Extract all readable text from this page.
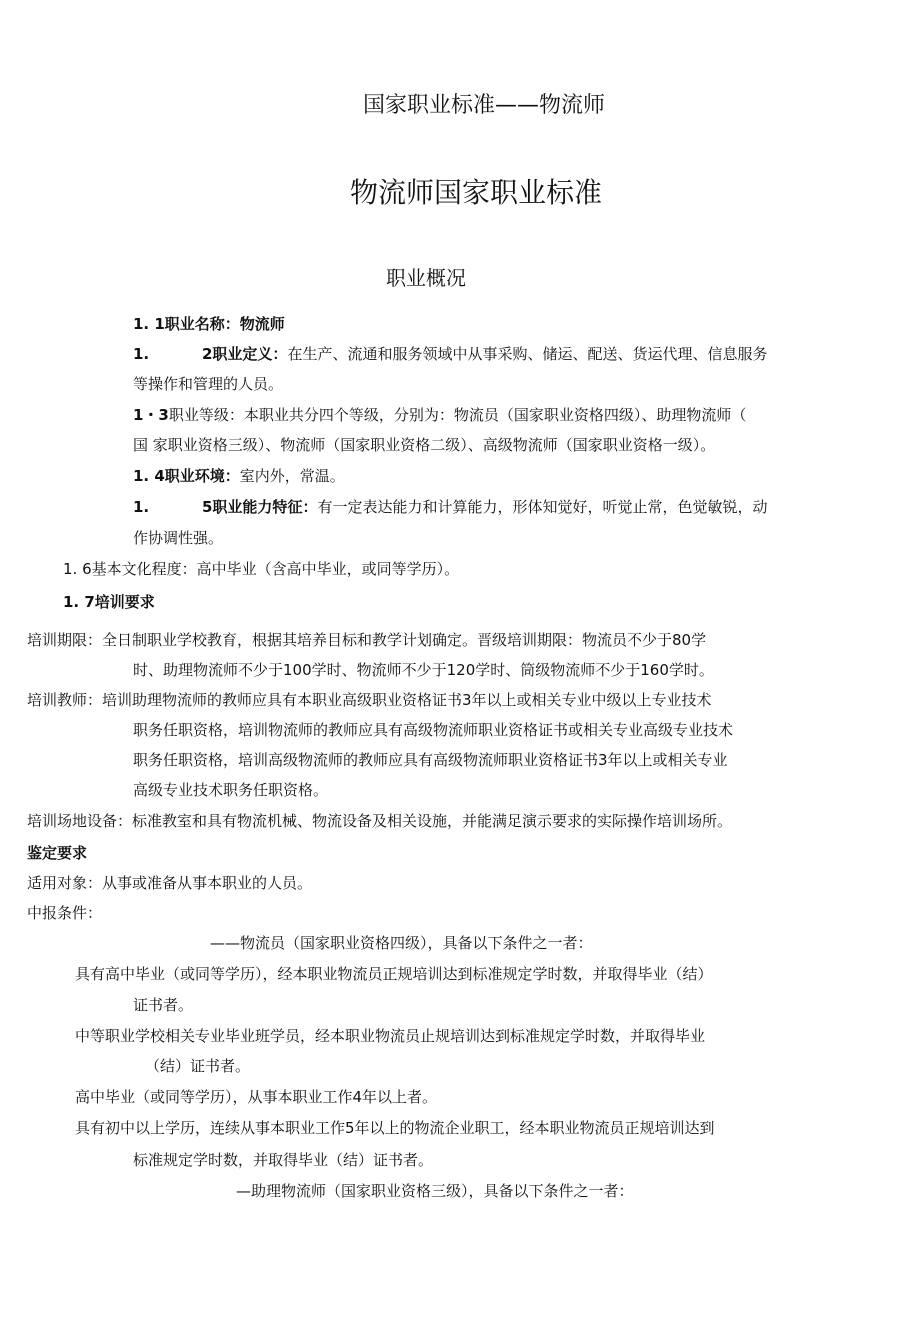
国家职业标准——物流师
物流师国家职业标准
职业概况
1. 1职业名称：物流师
1.	2职业定义：在生产、流通和服务领域中从事采购、储运、配送、货运代理、信息服务
等操作和管理的人员。
1・3职业等级：本职业共分四个等级，分别为：物流员（国家职业资格四级）、助理物流师（
国 家职业资格三级）、物流师（国家职业资格二级）、高级物流师（国家职业资格一级）。
1. 4职业环境：室内外，常温。
1.	5职业能力特征：有一定表达能力和计算能力，形体知觉好，听觉止常，色觉敏锐，动
作协调性强。
1. 6基本文化程度：高中毕业（含高中毕业，或同等学历）。
1. 7培训要求
培训期限：全日制职业学校教育，根据其培养目标和教学计划确定。晋级培训期限：物流员不少于80学
时、助理物流师不少于100学时、物流师不少于120学时、筒级物流师不少于160学时。
培训教师：培训助理物流师的教师应具有本职业高级职业资格证书3年以上或相关专业中级以上专业技术
职务任职资格，培训物流师的教师应具有高级物流师职业资格证书或相关专业高级专业技术
职务任职资格，培训高级物流师的教师应具有高级物流师职业资格证书3年以上或相关专业
高级专业技术职务任职资格。
培训场地设备：标准教室和具有物流机械、物流设备及相关设施，并能满足演示要求的实际操作培训场所。
鉴定要求
适用对象：从事或准备从事本职业的人员。
中报条件：
——物流员（国家职业资格四级），具备以下条件之一者：
具有高中毕业（或同等学历），经本职业物流员正规培训达到标准规定学时数，并取得毕业（结）
证书者。
中等职业学校相关专业毕业班学员，经本职业物流员止规培训达到标准规定学时数，并取得毕业
（结）证书者。
高中毕业（或同等学历），从事本职业工作4年以上者。
具有初中以上学历，连续从事本职业工作5年以上的物流企业职工，经本职业物流员正规培训达到
标准规定学时数，并取得毕业（结）证书者。
—助理物流师（国家职业资格三级），具备以下条件之一者：
